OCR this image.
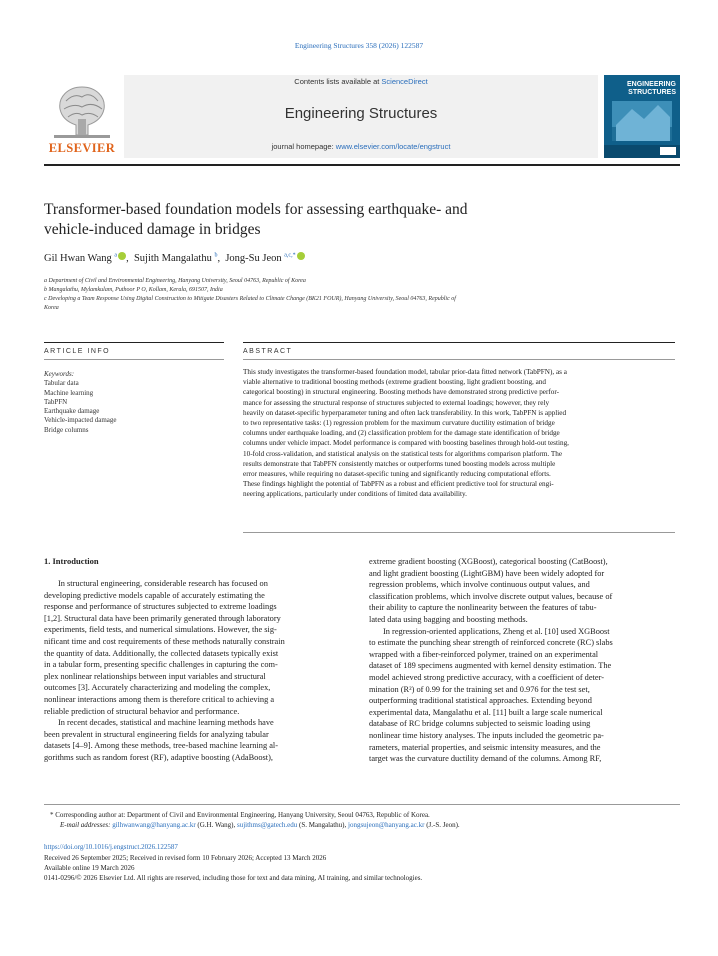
Engineering Structures 358 (2026) 122587
ELSEVIER
Contents lists available at ScienceDirect
Engineering Structures
journal homepage: www.elsevier.com/locate/engstruct
ENGINEERING STRUCTURES
Transformer-based foundation models for assessing earthquake- and
vehicle-induced damage in bridges
Gil Hwan Wang $^a$ ,  Sujith Mangalathu $^b$,  Jong-Su Jeon $^{a,c,*}$
a Department of Civil and Environmental Engineering, Hanyang University, Seoul 04763, Republic of Korea
b Mangalathu, Mylamkulam, Puthoor P O, Kollam, Kerala, 691507, India
c Developing a Team Response Using Digital Construction to Mitigate Disasters Related to Climate Change (BK21 FOUR), Hanyang University, Seoul 04763, Republic of
Korea
ARTICLE INFO	ABSTRACT
Keywords:
Tabular data
Machine learning
TabPFN
Earthquake damage
Vehicle-impacted damage
Bridge columns
This study investigates the transformer-based foundation model, tabular prior-data fitted network (TabPFN), as a
viable alternative to traditional boosting methods (extreme gradient boosting, light gradient boosting, and
categorical boosting) in structural engineering. Boosting methods have demonstrated strong predictive perfor-
mance for assessing the structural response of structures subjected to external loadings; however, they rely
heavily on dataset-specific hyperparameter tuning and often lack transferability. In this work, TabPFN is applied
to two representative tasks: (1) regression problem for the maximum curvature ductility estimation of bridge
columns under earthquake loading, and (2) classification problem for the damage state identification of bridge
columns under vehicle impact. Model performance is compared with boosting baselines through hold-out testing,
10-fold cross-validation, and statistical analysis on the statistical tests for algorithms comparison platform. The
results demonstrate that TabPFN consistently matches or outperforms tuned boosting models across multiple
error measures, while requiring no dataset-specific tuning and significantly reducing computational efforts.
These findings highlight the potential of TabPFN as a robust and efficient predictive tool for structural engi-
neering applications, particularly under conditions of limited data availability.
1. Introduction
In structural engineering, considerable research has focused on
developing predictive models capable of accurately estimating the
response and performance of structures subjected to extreme loadings
[1,2]. Structural data have been primarily generated through laboratory
experiments, field tests, and numerical simulations. However, the sig-
nificant time and cost requirements of these methods naturally constrain
the quantity of data. Additionally, the collected datasets typically exist
in a tabular form, presenting specific challenges in capturing the com-
plex nonlinear relationships between input variables and structural
outcomes [3]. Accurately characterizing and modeling the complex,
nonlinear interactions among them is therefore critical to achieving a
reliable prediction of structural behavior and performance.
In recent decades, statistical and machine learning methods have
been prevalent in structural engineering fields for analyzing tabular
datasets [4–9]. Among these methods, tree-based machine learning al-
gorithms such as random forest (RF), adaptive boosting (AdaBoost),
extreme gradient boosting (XGBoost), categorical boosting (CatBoost),
and light gradient boosting (LightGBM) have been widely adopted for
regression problems, which involve continuous output values, and
classification problems, which involve discrete output values, because of
their ability to capture the nonlinearity between the features of tabu-
lated data using bagging and boosting methods.
In regression-oriented applications, Zheng et al. [10] used XGBoost
to estimate the punching shear strength of reinforced concrete (RC) slabs
wrapped with a fiber-reinforced polymer, trained on an experimental
dataset of 189 specimens augmented with kernel density estimation. The
model achieved strong predictive accuracy, with a coefficient of deter-
mination (R²) of 0.99 for the training set and 0.976 for the test set,
outperforming traditional statistical approaches. Extending beyond
experimental data, Mangalathu et al. [11] built a large scale numerical
database of RC bridge columns subjected to seismic loading using
nonlinear time history analyses. The inputs included the geometric pa-
rameters, material properties, and seismic intensity measures, and the
target was the curvature ductility demand of the columns. Among RF,
* Corresponding author at: Department of Civil and Environmental Engineering, Hanyang University, Seoul 04763, Republic of Korea.
E-mail addresses: gilhwanwang@hanyang.ac.kr (G.H. Wang), sujithms@gatech.edu (S. Mangalathu), jongsujeon@hanyang.ac.kr (J.-S. Jeon).
https://doi.org/10.1016/j.engstruct.2026.122587
Received 26 September 2025; Received in revised form 10 February 2026; Accepted 13 March 2026
Available online 19 March 2026
0141-0296/© 2026 Elsevier Ltd. All rights are reserved, including those for text and data mining, AI training, and similar technologies.
